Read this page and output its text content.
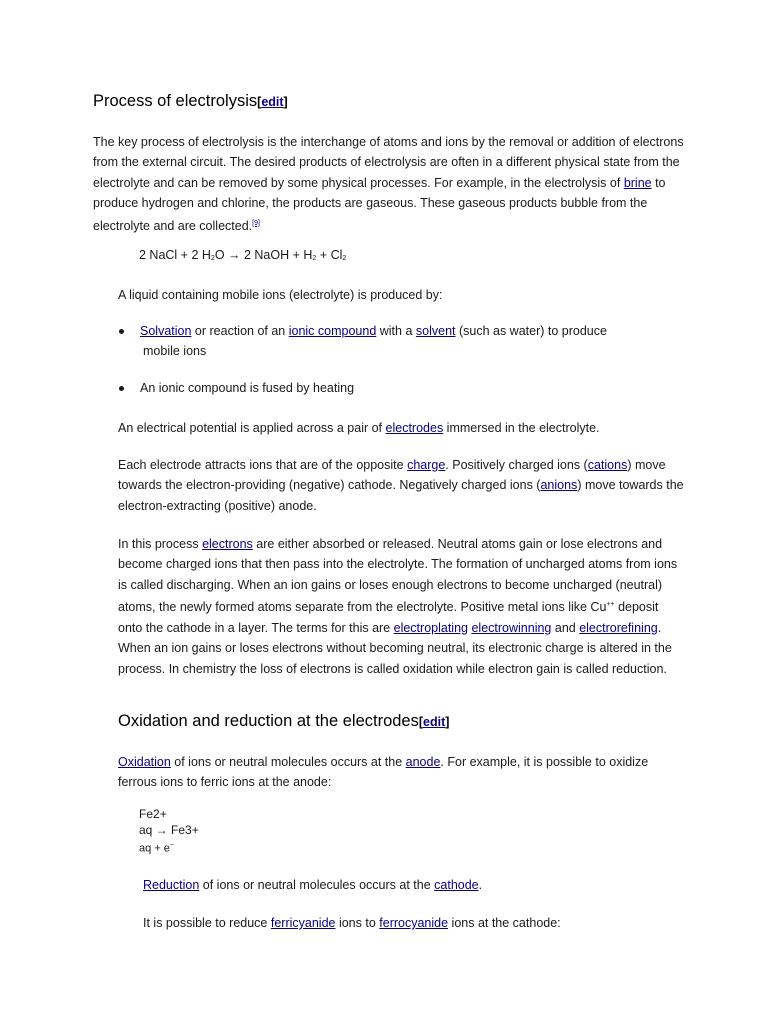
Process of electrolysis[edit]

The key process of electrolysis is the interchange of atoms and ions by the removal or addition of electrons from the external circuit. The desired products of electrolysis are often in a different physical state from the electrolyte and can be removed by some physical processes. For example, in the electrolysis of brine to produce hydrogen and chlorine, the products are gaseous. These gaseous products bubble from the electrolyte and are collected.[9]

2 NaCl + 2 H2O → 2 NaOH + H2 + Cl2

A liquid containing mobile ions (electrolyte) is produced by:

Solvation or reaction of an ionic compound with a solvent (such as water) to produce
mobile ions
An ionic compound is fused by heating

An electrical potential is applied across a pair of electrodes immersed in the electrolyte.

Each electrode attracts ions that are of the opposite charge. Positively charged ions (cations) move towards the electron-providing (negative) cathode. Negatively charged ions (anions) move towards the electron-extracting (positive) anode.

In this process electrons are either absorbed or released. Neutral atoms gain or lose electrons and become charged ions that then pass into the electrolyte. The formation of uncharged atoms from ions is called discharging. When an ion gains or loses enough electrons to become uncharged (neutral) atoms, the newly formed atoms separate from the electrolyte. Positive metal ions like Cu++ deposit onto the cathode in a layer. The terms for this are electroplating electrowinning and electrorefining. When an ion gains or loses electrons without becoming neutral, its electronic charge is altered in the process. In chemistry the loss of electrons is called oxidation while electron gain is called reduction.

Oxidation and reduction at the electrodes[edit]

Oxidation of ions or neutral molecules occurs at the anode. For example, it is possible to oxidize ferrous ions to ferric ions at the anode:

Fe2+
aq → Fe3+
aq + e−

Reduction of ions or neutral molecules occurs at the cathode.

It is possible to reduce ferricyanide ions to ferrocyanide ions at the cathode:
